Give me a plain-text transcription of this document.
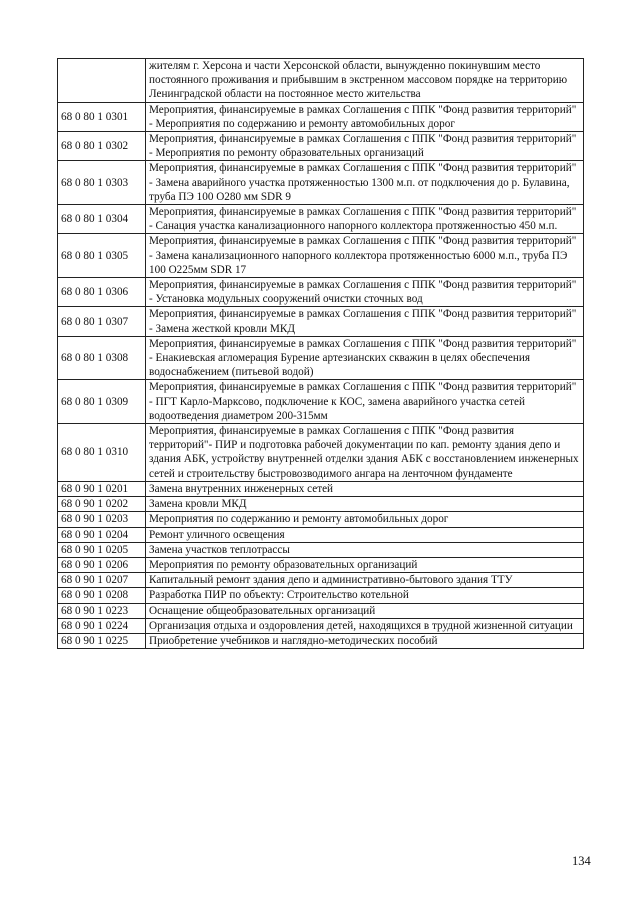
	жителям г. Херсона и части Херсонской области, вынужденно покинувшим место постоянного проживания и прибывшим в экстренном массовом порядке на территорию Ленинградской области на постоянное место жительства
68 0 80 1 0301	Мероприятия, финансируемые в рамках Соглашения с ППК "Фонд развития территорий" - Мероприятия по содержанию и ремонту автомобильных дорог
68 0 80 1 0302	Мероприятия, финансируемые в рамках Соглашения с ППК "Фонд развития территорий" - Мероприятия по ремонту образовательных организаций
68 0 80 1 0303	Мероприятия, финансируемые в рамках Соглашения с ППК "Фонд развития территорий" - Замена аварийного участка протяженностью 1300 м.п. от подключения до р. Булавина, труба ПЭ 100 О280 мм SDR 9
68 0 80 1 0304	Мероприятия, финансируемые в рамках Соглашения с ППК "Фонд развития территорий" - Санация участка канализационного напорного коллектора протяженностью 450 м.п.
68 0 80 1 0305	Мероприятия, финансируемые в рамках Соглашения с ППК "Фонд развития территорий" - Замена канализационного напорного коллектора протяженностью 6000 м.п., труба ПЭ 100 О225мм SDR 17
68 0 80 1 0306	Мероприятия, финансируемые в рамках Соглашения с ППК "Фонд развития территорий" - Установка модульных сооружений очистки сточных вод
68 0 80 1 0307	Мероприятия, финансируемые в рамках Соглашения с ППК "Фонд развития территорий" - Замена жесткой кровли МКД
68 0 80 1 0308	Мероприятия, финансируемые в рамках Соглашения с ППК "Фонд развития территорий" - Енакиевская агломерация Бурение артезианских скважин в целях обеспечения водоснабжением (питьевой водой)
68 0 80 1 0309	Мероприятия, финансируемые в рамках Соглашения с ППК "Фонд развития территорий" - ПГТ Карло-Марксово, подключение к КОС, замена аварийного участка сетей водоотведения диаметром 200-315мм
68 0 80 1 0310	Мероприятия, финансируемые в рамках Соглашения с ППК "Фонд развития территорий"- ПИР и подготовка рабочей документации по кап. ремонту здания депо и здания АБК, устройству внутренней отделки здания АБК с восстановлением инженерных сетей и строительству быстровозводимого ангара на ленточном фундаменте
68 0 90 1 0201	Замена внутренних инженерных сетей
68 0 90 1 0202	Замена кровли МКД
68 0 90 1 0203	Мероприятия по содержанию и ремонту автомобильных дорог
68 0 90 1 0204	Ремонт уличного освещения
68 0 90 1 0205	Замена участков теплотрассы
68 0 90 1 0206	Мероприятия по ремонту образовательных организаций
68 0 90 1 0207	Капитальный ремонт здания депо и административно-бытового здания ТТУ
68 0 90 1 0208	Разработка ПИР по объекту: Строительство котельной
68 0 90 1 0223	Оснащение общеобразовательных организаций
68 0 90 1 0224	Организация отдыха и оздоровления детей, находящихся в трудной жизненной ситуации
68 0 90 1 0225	Приобретение учебников и наглядно-методических пособий
134
